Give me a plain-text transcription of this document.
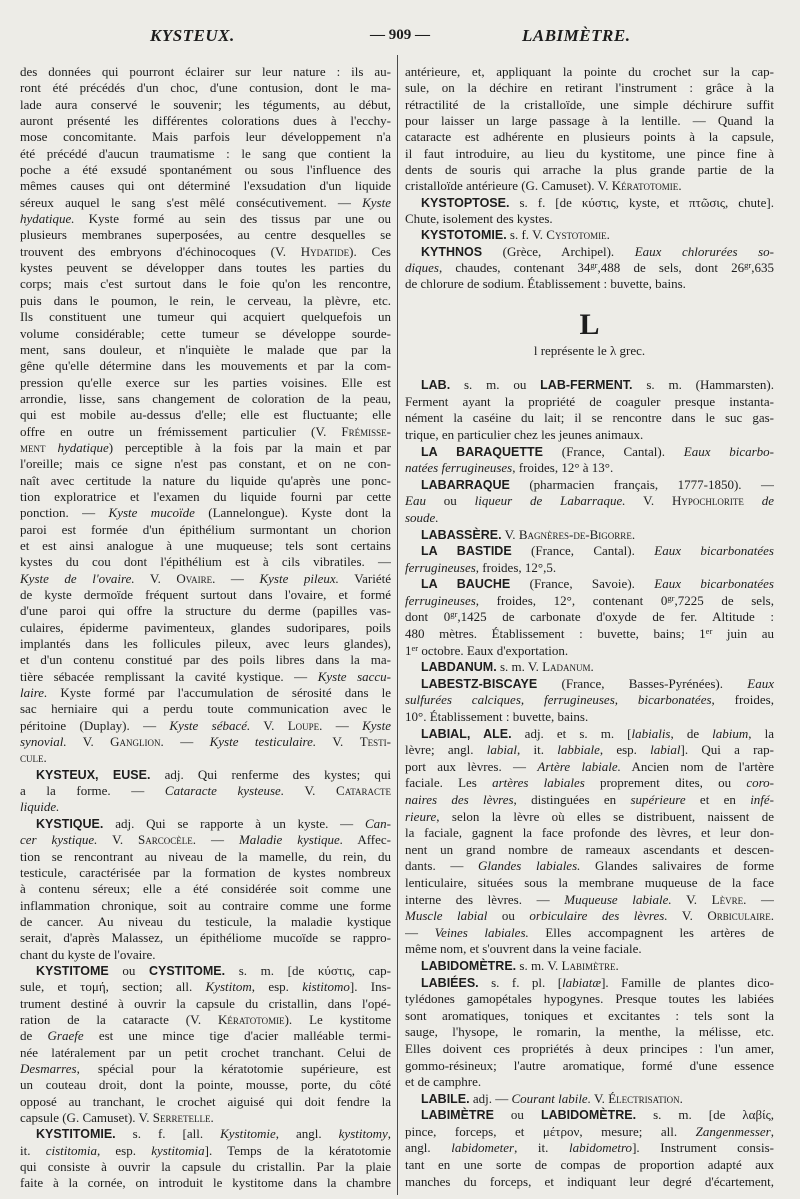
KYSTEUX.	— 909 —	LABIMÈTRE.
des données qui pourront éclairer sur leur nature : ils au-
ront été précédés d'un choc, d'une contusion, dont le ma-
lade aura conservé le souvenir; les téguments, au début,
auront présenté les différentes colorations dues à l'ecchy-
mose concomitante. Mais parfois leur développement n'a
été précédé d'aucun traumatisme : le sang que contient la
poche a été exsudé spontanément ou sous l'influence des
mêmes causes qui ont déterminé l'exsudation d'un liquide
séreux auquel le sang s'est mêlé consécutivement. — Kyste
hydatique. Kyste formé au sein des tissus par une ou
plusieurs membranes superposées, au centre desquelles se
trouvent des embryons d'échinocoques (V. Hydatide). Ces
kystes peuvent se développer dans toutes les parties du
corps; mais c'est surtout dans le foie qu'on les rencontre,
puis dans le poumon, le rein, le cerveau, la plèvre, etc.
Ils constituent une tumeur qui acquiert quelquefois un
volume considérable; cette tumeur se développe sourde-
ment, sans douleur, et n'inquiète le malade que par la
gêne qu'elle détermine dans les mouvements et par la com-
pression qu'elle exerce sur les parties voisines. Elle est
arrondie, lisse, sans changement de coloration de la peau,
qui est mobile au-dessus d'elle; elle est fluctuante; elle
offre en outre un frémissement particulier (V. Frémisse-
ment hydatique) perceptible à la fois par la main et par
l'oreille; mais ce signe n'est pas constant, et on ne con-
naît avec certitude la nature du liquide qu'après une ponc-
tion exploratrice et l'examen du liquide fourni par cette
ponction. — Kyste mucoïde (Lannelongue). Kyste dont la
paroi est formée d'un épithélium surmontant un chorion
et est ainsi analogue à une muqueuse; tels sont certains
kystes du cou dont l'épithélium est à cils vibratiles. —
Kyste de l'ovaire. V. Ovaire. — Kyste pileux. Variété
de kyste dermoïde fréquent surtout dans l'ovaire, et formé
d'une paroi qui offre la structure du derme (papilles vas-
culaires, épiderme pavimenteux, glandes sudoripares, poils
implantés dans les follicules pileux, avec leurs glandes),
et d'un contenu constitué par des poils libres dans la ma-
tière sébacée remplissant la cavité kystique. — Kyste saccu-
laire. Kyste formé par l'accumulation de sérosité dans le
sac herniaire qui a perdu toute communication avec le
péritoine (Duplay). — Kyste sébacé. V. Loupe. — Kyste
synovial. V. Ganglion. — Kyste testiculaire. V. Testi-
cule.
KYSTEUX, EUSE. adj. Qui renferme des kystes; qui
a la forme. — Cataracte kysteuse. V. Cataracte
liquide.
KYSTIQUE. adj. Qui se rapporte à un kyste. — Can-
cer kystique. V. Sarcocèle. — Maladie kystique. Affec-
tion se rencontrant au niveau de la mamelle, du rein, du
testicule, caractérisée par la formation de kystes nombreux
à contenu séreux; elle a été considérée soit comme une
inflammation chronique, soit au contraire comme une forme
de cancer. Au niveau du testicule, la maladie kystique
serait, d'après Malassez, un épithéliome mucoïde se rappro-
chant du kyste de l'ovaire.
KYSTITOME ou CYSTITOME. s. m. [de κύστις, cap-
sule, et τομή, section; all. Kystitom, esp. kistitomo]. Ins-
trument destiné à ouvrir la capsule du cristallin, dans l'opé-
ration de la cataracte (V. Kératotomie). Le kystitome
de Graefe est une mince tige d'acier malléable termi-
née latéralement par un petit crochet tranchant. Celui de
Desmarres, spécial pour la kératotomie supérieure, est
un couteau droit, dont la pointe, mousse, porte, du côté
opposé au tranchant, le crochet aiguisé qui doit fendre la
capsule (G. Camuset). V. Serretelle.
KYSTITOMIE. s. f. [all. Kystitomie, angl. kystitomy,
it. cistitomia, esp. kystitomia]. Temps de la kératotomie
qui consiste à ouvrir la capsule du cristallin. Par la plaie
faite à la cornée, on introduit le kystitome dans la chambre
antérieure, et, appliquant la pointe du crochet sur la cap-
sule, on la déchire en retirant l'instrument : grâce à la
rétractilité de la cristalloïde, une simple déchirure suffit
pour laisser un large passage à la lentille. — Quand la
cataracte est adhérente en plusieurs points à la capsule,
il faut introduire, au lieu du kystitome, une pince fine à
dents de souris qui arrache la plus grande partie de la
cristalloïde antérieure (G. Camuset). V. Kératotomie.
KYSTOPTOSE. s. f. [de κύστις, kyste, et πτῶσις, chute].
Chute, isolement des kystes.
KYSTOTOMIE. s. f. V. Cystotomie.
KYTHNOS (Grèce, Archipel). Eaux chlorurées so-
diques, chaudes, contenant $34^{gr},488$ de sels, dont $26^{gr},635$
de chlorure de sodium. Établissement : buvette, bains.
L
l représente le λ grec.
LAB. s. m. ou LAB-FERMENT. s. m. (Hammarsten).
Ferment ayant la propriété de coaguler presque instanta-
nément la caséine du lait; il se rencontre dans le suc gas-
trique, en particulier chez les jeunes animaux.
LA BARAQUETTE (France, Cantal). Eaux bicarbo-
natées ferrugineuses, froides, 12° à 13°.
LABARRAQUE (pharmacien français, 1777-1850). —
Eau ou liqueur de Labarraque. V. Hypochlorite de
soude.
LABASSÈRE. V. Bagnères-de-Bigorre.
LA BASTIDE (France, Cantal). Eaux bicarbonatées
ferrugineuses, froides, 12°,5.
LA BAUCHE (France, Savoie). Eaux bicarbonatées
ferrugineuses, froides, 12°, contenant $0^{gr},7225$ de sels,
dont $0^{gr},1425$ de carbonate d'oxyde de fer. Altitude :
480 mètres. Établissement : buvette, bains; 1er juin au
1er octobre. Eaux d'exportation.
LABDANUM. s. m. V. Ladanum.
LABESTZ-BISCAYE (France, Basses-Pyrénées). Eaux
sulfurées calciques, ferrugineuses, bicarbonatées, froides,
10°. Établissement : buvette, bains.
LABIAL, ALE. adj. et s. m. [labialis, de labium, la
lèvre; angl. labial, it. labbiale, esp. labial]. Qui a rap-
port aux lèvres. — Artère labiale. Ancien nom de l'artère
faciale. Les artères labiales proprement dites, ou coro-
naires des lèvres, distinguées en supérieure et en infé-
rieure, selon la lèvre où elles se distribuent, naissent de
la faciale, gagnent la face profonde des lèvres, et leur don-
nent un grand nombre de rameaux ascendants et descen-
dants. — Glandes labiales. Glandes salivaires de forme
lenticulaire, situées sous la membrane muqueuse de la face
interne des lèvres. — Muqueuse labiale. V. Lèvre. —
Muscle labial ou orbiculaire des lèvres. V. Orbiculaire.
— Veines labiales. Elles accompagnent les artères de
même nom, et s'ouvrent dans la veine faciale.
LABIDOMÈTRE. s. m. V. Labimètre.
LABIÉES. s. f. pl. [labiatæ]. Famille de plantes dico-
tylédones gamopétales hypogynes. Presque toutes les labiées
sont aromatiques, toniques et excitantes : tels sont la
sauge, l'hysope, le romarin, la menthe, la mélisse, etc.
Elles doivent ces propriétés à deux principes : l'un amer,
gommo-résineux; l'autre aromatique, formé d'une essence
et de camphre.
LABILE. adj. — Courant labile. V. Électrisation.
LABIMÈTRE ou LABIDOMÈTRE. s. m. [de λαβίς,
pince, forceps, et μέτρον, mesure; all. Zangenmesser,
angl. labidometer, it. labidometro]. Instrument consis-
tant en une sorte de compas de proportion adapté aux
manches du forceps, et indiquant leur degré d'écartement,
